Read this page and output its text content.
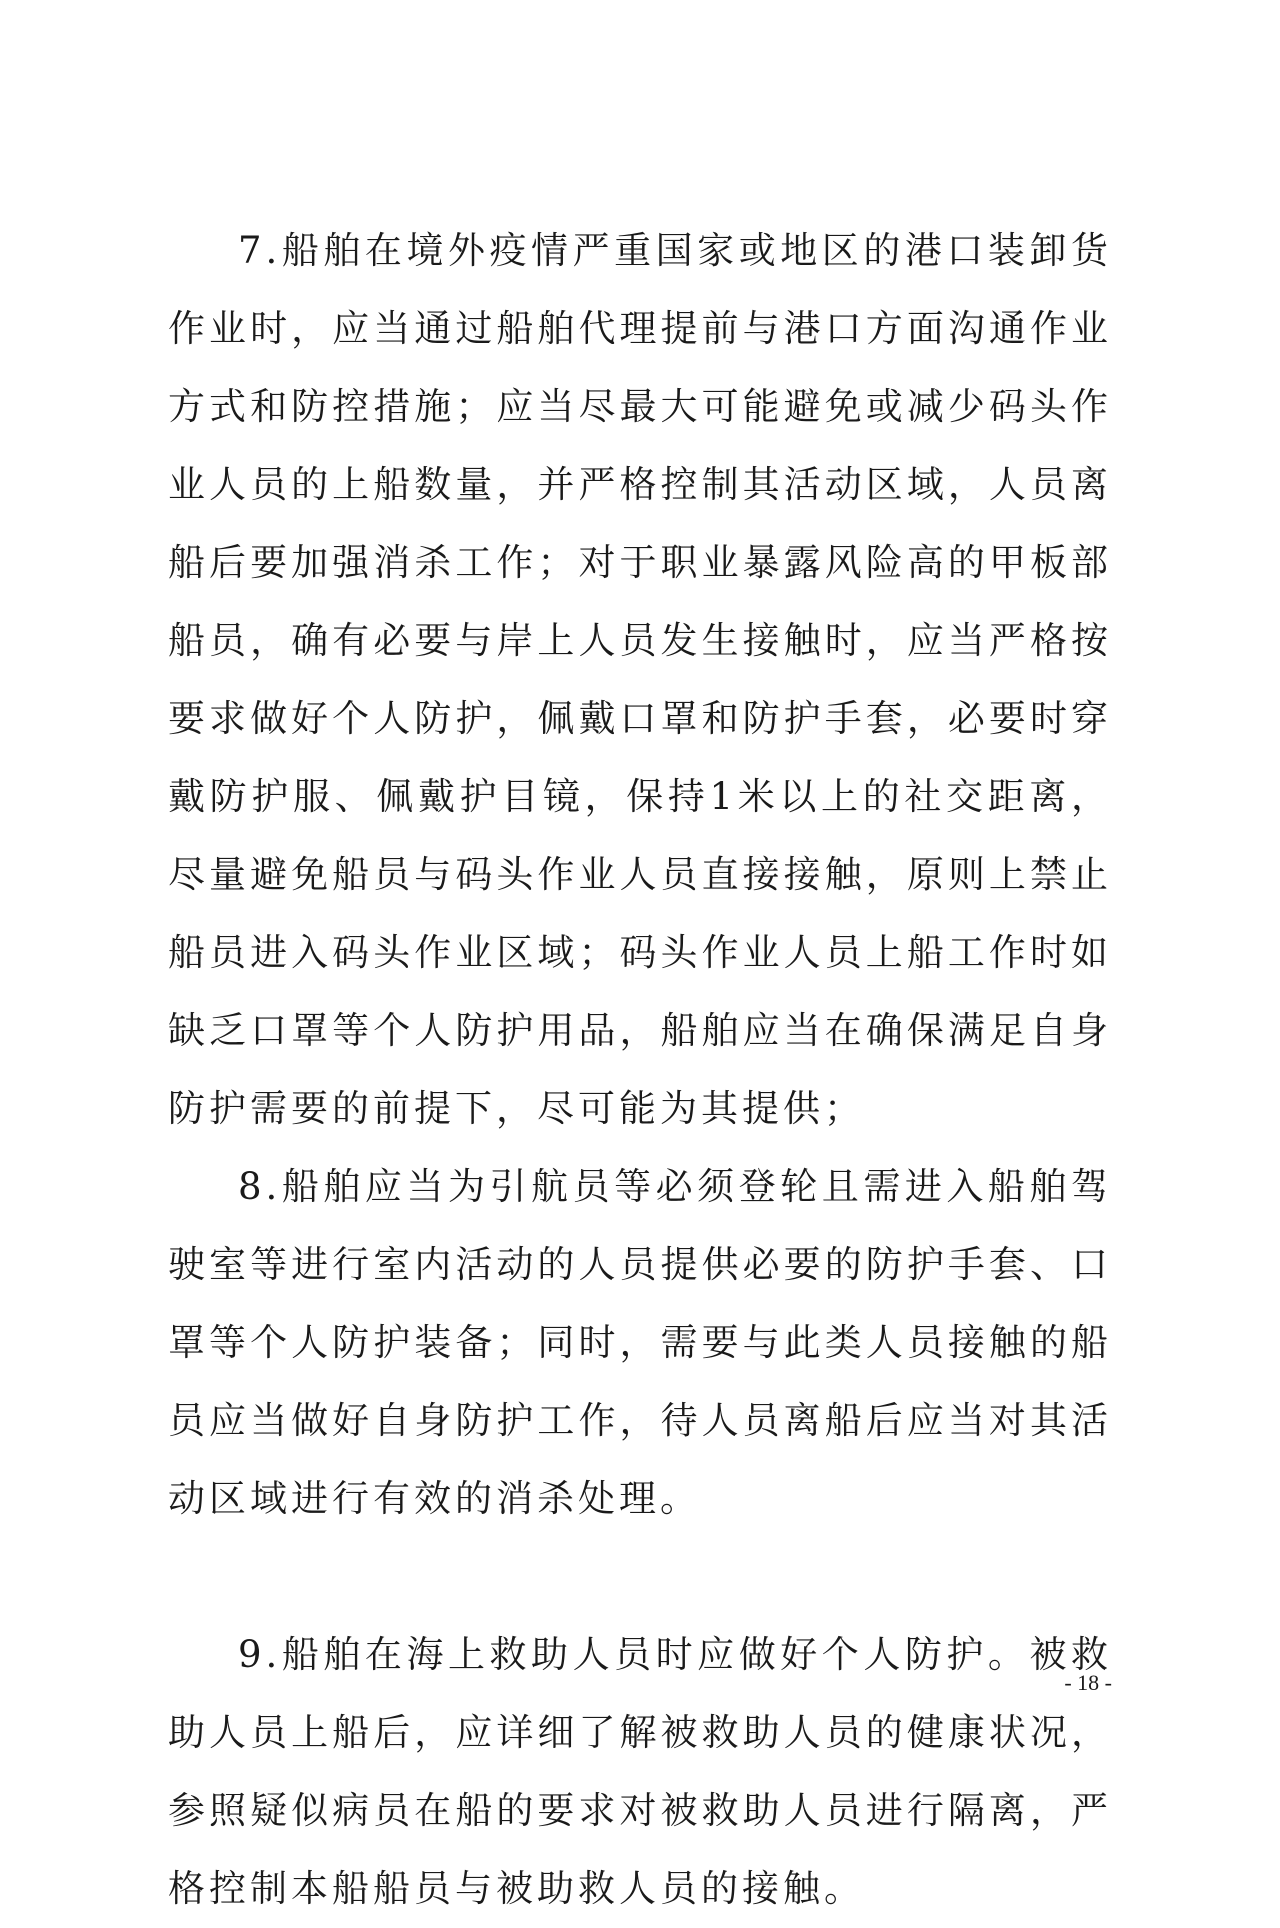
7.船舶在境外疫情严重国家或地区的港口装卸货作业时，应当通过船舶代理提前与港口方面沟通作业方式和防控措施；应当尽最大可能避免或减少码头作业人员的上船数量，并严格控制其活动区域，人员离船后要加强消杀工作；对于职业暴露风险高的甲板部船员，确有必要与岸上人员发生接触时，应当严格按要求做好个人防护，佩戴口罩和防护手套，必要时穿戴防护服、佩戴护目镜，保持1米以上的社交距离，尽量避免船员与码头作业人员直接接触，原则上禁止船员进入码头作业区域；码头作业人员上船工作时如缺乏口罩等个人防护用品，船舶应当在确保满足自身防护需要的前提下，尽可能为其提供；

8.船舶应当为引航员等必须登轮且需进入船舶驾驶室等进行室内活动的人员提供必要的防护手套、口罩等个人防护装备；同时，需要与此类人员接触的船员应当做好自身防护工作，待人员离船后应当对其活动区域进行有效的消杀处理。

9.船舶在海上救助人员时应做好个人防护。被救助人员上船后，应详细了解被救助人员的健康状况，参照疑似病员在船的要求对被救助人员进行隔离，严格控制本船船员与被助救人员的接触。

- 18 -
